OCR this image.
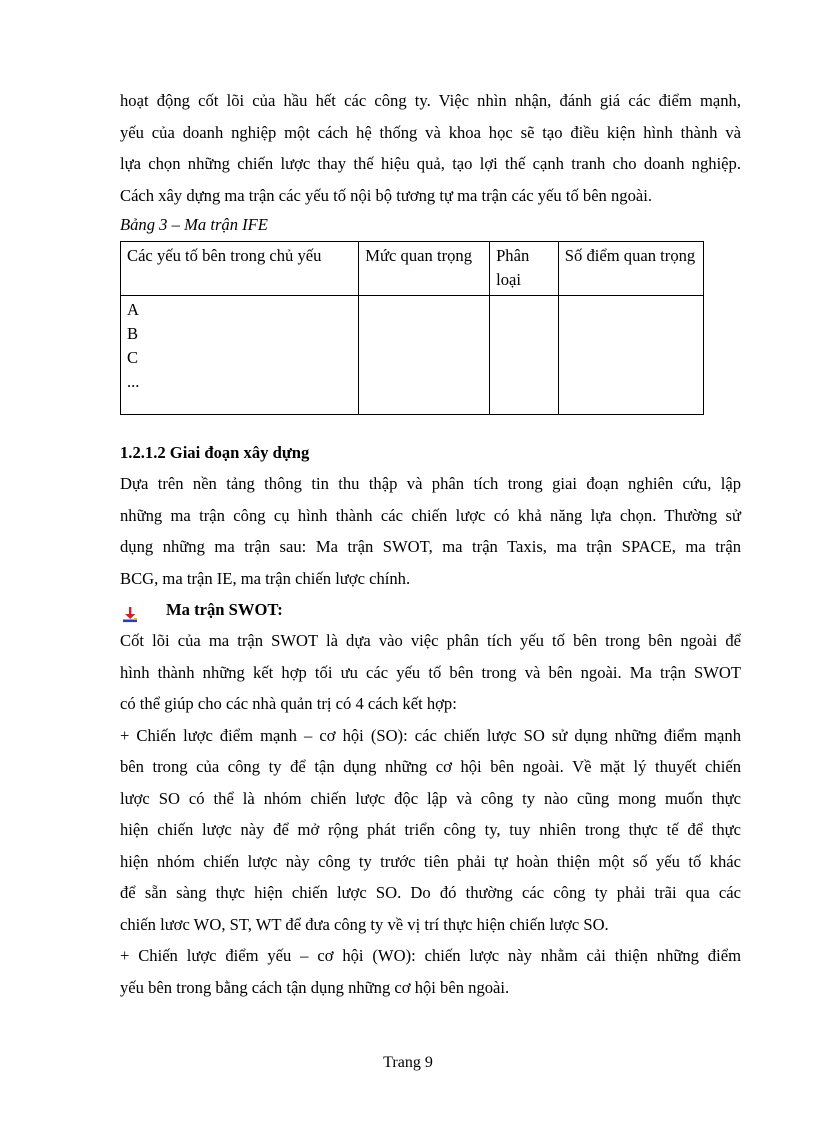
hoạt động cốt lõi của hầu hết các công ty. Việc nhìn nhận, đánh giá các điểm mạnh,

yếu của doanh nghiệp một cách hệ thống và khoa học sẽ tạo điều kiện hình thành và

lựa chọn những chiến lược thay thế hiệu quả, tạo lợi thế cạnh tranh cho doanh nghiệp.

Cách xây dựng ma trận các yếu tố nội bộ tương tự ma trận các yếu tố bên ngoài.

Bảng 3 – Ma trận IFE

Các yếu tố bên trong chủ yếu	Mức quan trọng	Phân loại	Số điểm quan trọng

A
B
C
...			

1.2.1.2 Giai đoạn xây dựng

Dựa trên nền tảng thông tin thu thập và phân tích trong giai đoạn nghiên cứu, lập

những ma trận công cụ hình thành các chiến lược có khả năng lựa chọn. Thường sử

dụng những ma trận sau: Ma trận SWOT, ma trận Taxis, ma trận SPACE, ma trận

BCG, ma trận IE, ma trận chiến lược chính.

Ma trận SWOT:

Cốt lõi của ma trận SWOT là dựa vào việc phân tích yếu tố bên trong bên ngoài để

hình thành những kết hợp tối ưu các yếu tố bên trong và bên ngoài. Ma trận SWOT

có thể giúp cho các nhà quản trị có 4 cách kết hợp:

+ Chiến lược điểm mạnh – cơ hội (SO): các chiến lược SO sử dụng những điểm mạnh

bên trong của công ty để tận dụng những cơ hội bên ngoài. Về mặt lý thuyết chiến

lược SO có thể là nhóm chiến lược độc lập và công ty nào cũng mong muốn thực

hiện chiến lược này để mở rộng phát triển công ty, tuy nhiên trong thực tế để thực

hiện nhóm chiến lược này công ty trước tiên phải tự hoàn thiện một số yếu tố khác

để sẵn sàng thực hiện chiến lược SO. Do đó thường các công ty phải trãi qua các

chiến lươc WO, ST, WT để đưa công ty về vị trí thực hiện chiến lược SO.

+ Chiến lược điểm yếu – cơ hội (WO): chiến lược này nhằm cải thiện những điểm

yếu bên trong bằng cách tận dụng những cơ hội bên ngoài.

Trang 9
